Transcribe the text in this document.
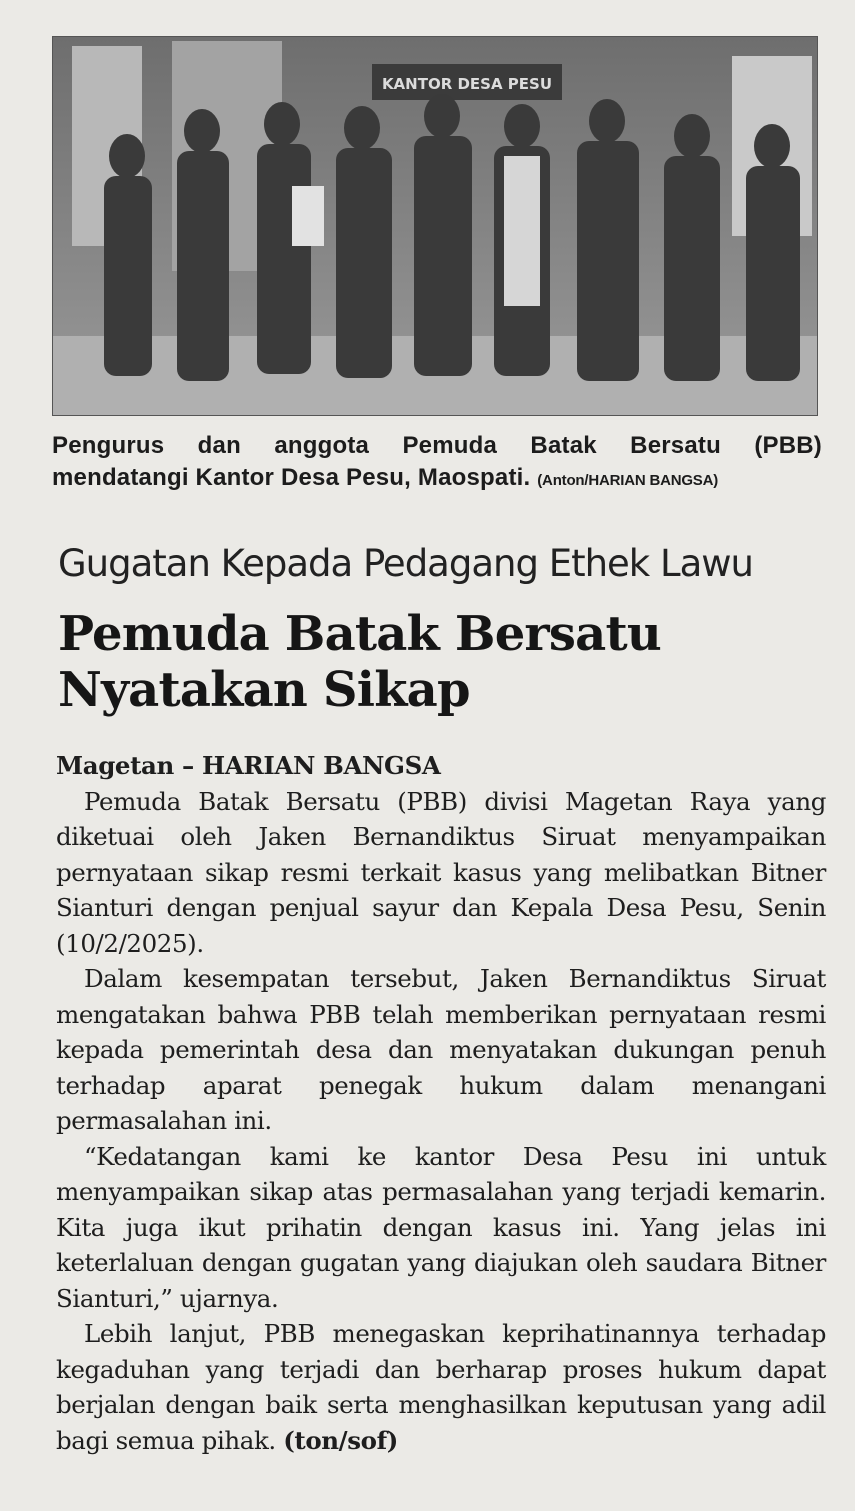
KANTOR DESA PESU
Pengurus dan anggota Pemuda Batak Bersatu (PBB)
mendatangi Kantor Desa Pesu, Maospati. (Anton/HARIAN BANGSA)
Gugatan Kepada Pedagang Ethek Lawu
Pemuda Batak Bersatu
Nyatakan Sikap

Magetan – HARIAN BANGSA

Pemuda Batak Bersatu (PBB) divisi Magetan Raya yang diketuai oleh Jaken Bernandiktus Siruat menyampaikan pernyataan sikap resmi terkait kasus yang melibatkan Bitner Sianturi dengan penjual sayur dan Kepala Desa Pesu, Senin (10/2/2025).

Dalam kesempatan tersebut, Jaken Bernandiktus Siruat mengatakan bahwa PBB telah memberikan pernyataan resmi kepada pemerintah desa dan menyatakan dukungan penuh terhadap aparat penegak hukum dalam menangani permasalahan ini.

“Kedatangan kami ke kantor Desa Pesu ini untuk menyampaikan sikap atas permasalahan yang terjadi kemarin. Kita juga ikut prihatin dengan kasus ini. Yang jelas ini keterlaluan dengan gugatan yang diajukan oleh saudara Bitner Sianturi,” ujarnya.

Lebih lanjut, PBB menegaskan keprihatinannya terhadap kegaduhan yang terjadi dan berharap proses hukum dapat berjalan dengan baik serta menghasilkan keputusan yang adil bagi semua pihak. (ton/sof)
